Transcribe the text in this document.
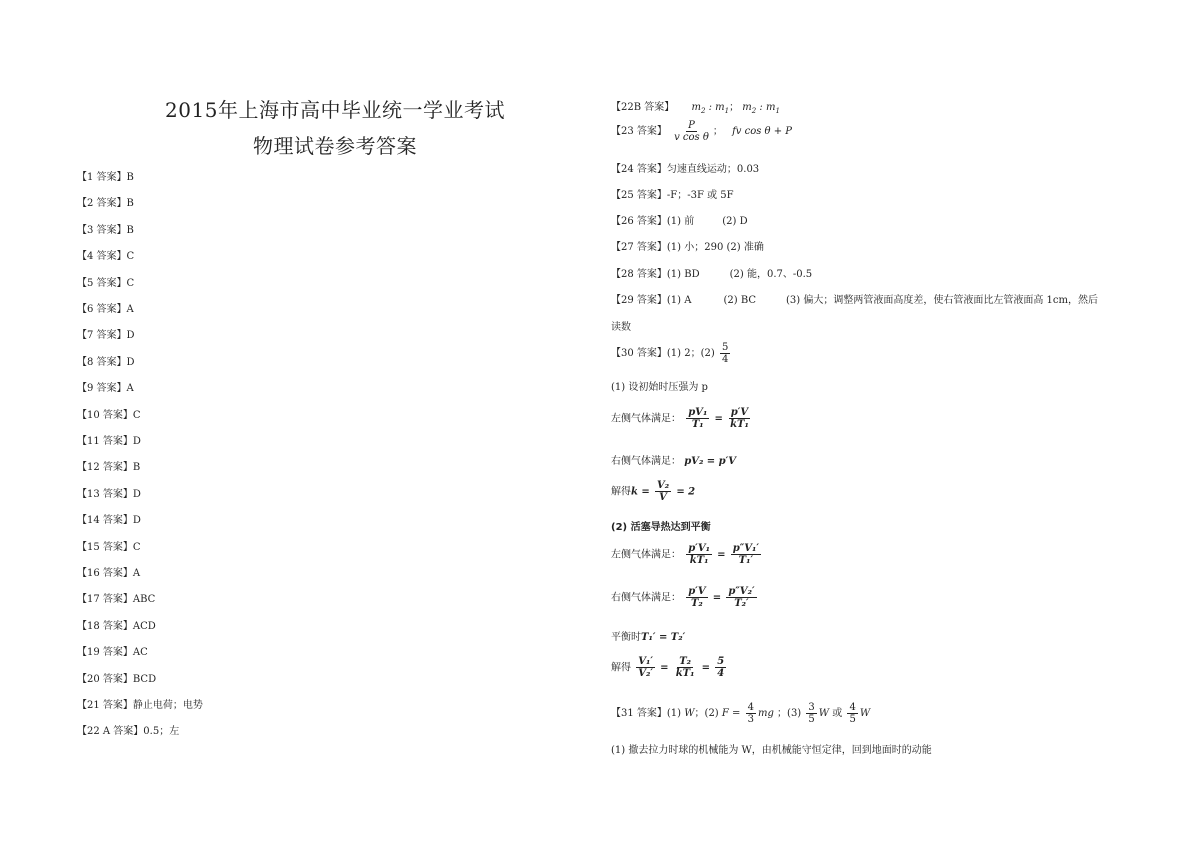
2015年上海市高中毕业统一学业考试
物理试卷参考答案
【1 答案】B
【2 答案】B
【3 答案】B
【4 答案】C
【5 答案】C
【6 答案】A
【7 答案】D
【8 答案】D
【9 答案】A
【10 答案】C
【11 答案】D
【12 答案】B
【13 答案】D
【14 答案】D
【15 答案】C
【16 答案】A
【17 答案】ABC
【18 答案】ACD
【19 答案】AC
【20 答案】BCD
【21 答案】静止电荷；电势
【22 A 答案】0.5；左
【22B 答案】 $m_2$ : $m_1$； $m_2$ : $m_1$
【23 答案】 $\frac{P}{\text{v cos θ}}$ ； fv cos θ + P
【24 答案】匀速直线运动；0.03
【25 答案】-F；-3F 或 5F
【26 答案】(1) 前	(2) D
【27 答案】(1) 小；290 (2) 准确
【28 答案】(1) BD	(2) 能，0.7、-0.5
【29 答案】(1) A	(2) BC	(3) 偏大；调整两管液面高度差，使右管液面比左管液面高 1cm，然后
读数
【30 答案】(1) 2；$(2) \frac{5}{4}$
(1) 设初始时压强为 p
左侧气体满足： $\frac{\text{pV₁}}{\text{T₁}} = \frac{p'V}{\text{kT₁}}$
右侧气体满足： pV₂ = p′V
解得$k = \frac{\text{V₂}}{V} = 2$
(2) 活塞导热达到平衡
左侧气体满足： $\frac{\text{p′V₁}}{\text{kT₁}} = \frac{\text{p″V₁′}}{\text{T₁′}}$
右侧气体满足： $\frac{p'V}{\text{T₂}} = \frac{\text{p″V₂′}}{\text{T₂′}}$
平衡时T₁′ = T₂′
解得 $\frac{\text{V₁′}}{\text{V₂′}} = \frac{\text{T₂}}{\text{kT₁}} = \frac{5}{4}$
【31 答案】(1) W；(2) $F = \frac{4}{3}$ mg ；$(3) \frac{3}{5}$ W 或 $\frac{4}{5}$ W
(1) 撤去拉力时球的机械能为 W，由机械能守恒定律，回到地面时的动能
